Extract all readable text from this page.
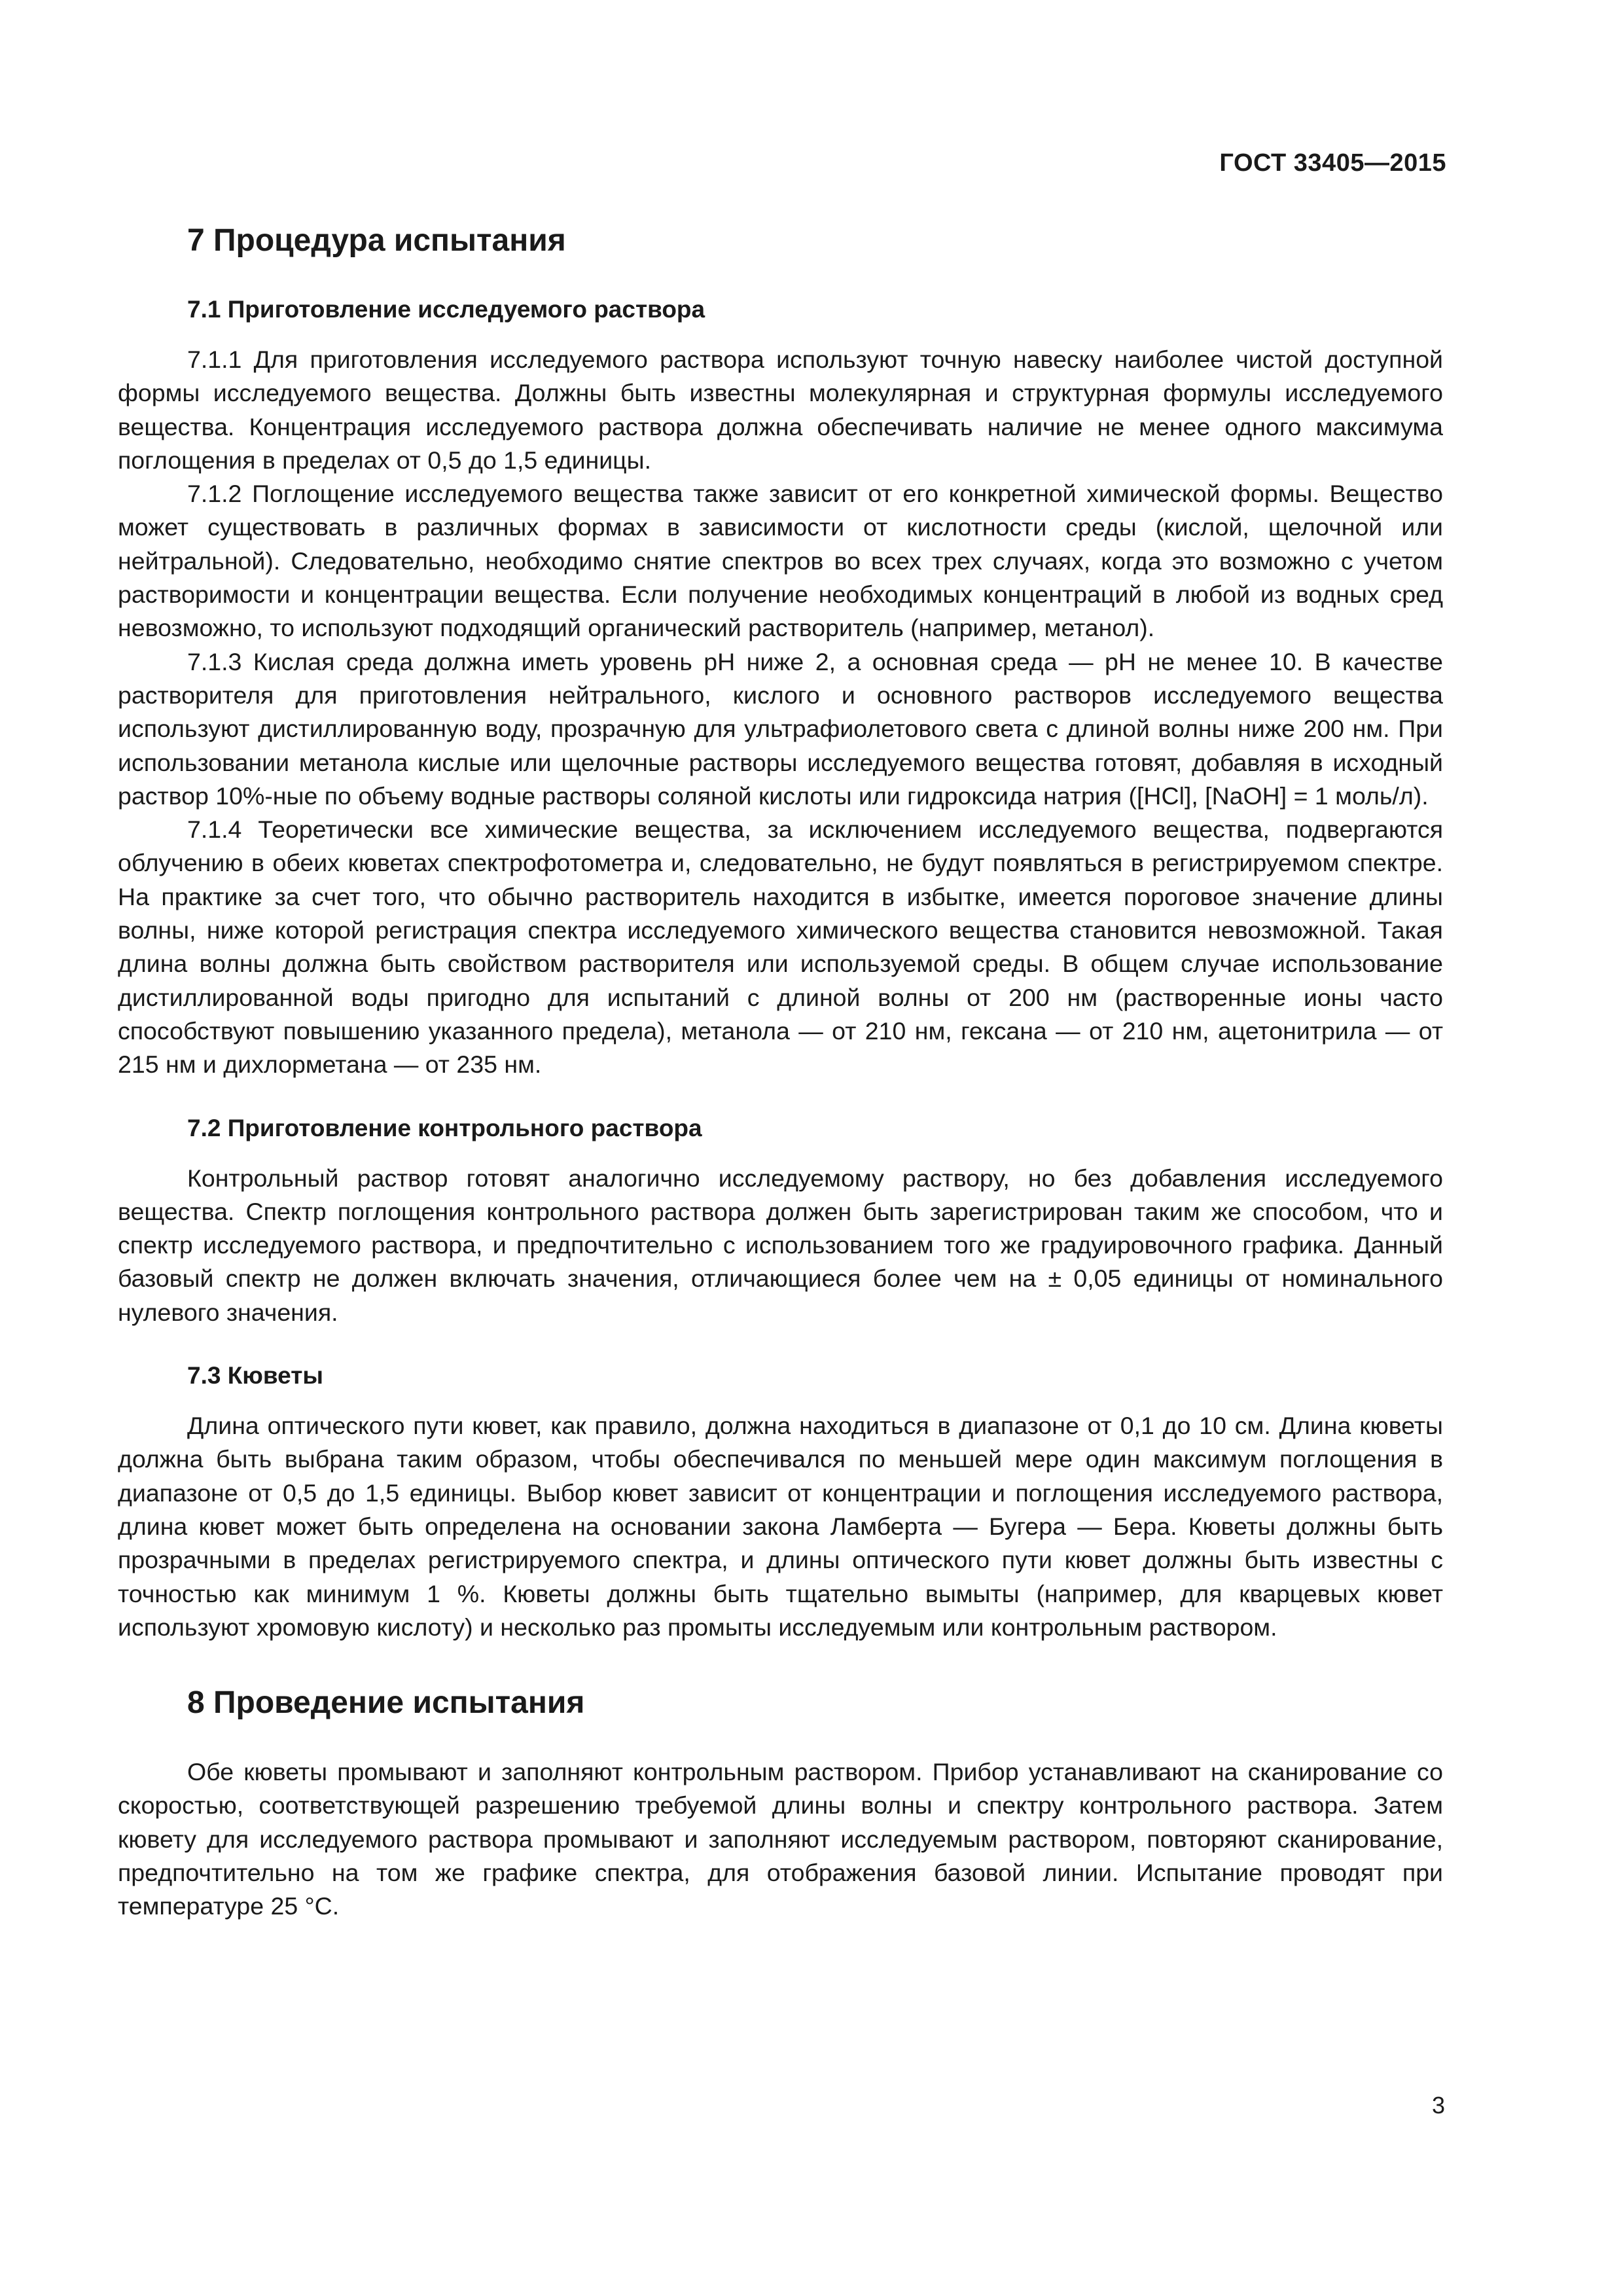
ГОСТ 33405—2015
7 Процедура испытания
7.1 Приготовление исследуемого раствора

7.1.1 Для приготовления исследуемого раствора используют точную навеску наиболее чистой доступной формы исследуемого вещества. Должны быть известны молекулярная и структурная формулы исследуемого вещества. Концентрация исследуемого раствора должна обеспечивать наличие не менее одного максимума поглощения в пределах от 0,5 до 1,5 единицы.

7.1.2 Поглощение исследуемого вещества также зависит от его конкретной химической формы. Вещество может существовать в различных формах в зависимости от кислотности среды (кислой, щелочной или нейтральной). Следовательно, необходимо снятие спектров во всех трех случаях, когда это возможно с учетом растворимости и концентрации вещества. Если получение необходимых концентраций в любой из водных сред невозможно, то используют подходящий органический растворитель (например, метанол).

7.1.3 Кислая среда должна иметь уровень pH ниже 2, а основная среда — pH не менее 10. В качестве растворителя для приготовления нейтрального, кислого и основного растворов исследуемого вещества используют дистиллированную воду, прозрачную для ультрафиолетового света с длиной волны ниже 200 нм. При использовании метанола кислые или щелочные растворы исследуемого вещества готовят, добавляя в исходный раствор 10%-ные по объему водные растворы соляной кислоты или гидроксида натрия ([HCl], [NaOH] = 1 моль/л).

7.1.4 Теоретически все химические вещества, за исключением исследуемого вещества, подвергаются облучению в обеих кюветах спектрофотометра и, следовательно, не будут появляться в регистрируемом спектре. На практике за счет того, что обычно растворитель находится в избытке, имеется пороговое значение длины волны, ниже которой регистрация спектра исследуемого химического вещества становится невозможной. Такая длина волны должна быть свойством растворителя или используемой среды. В общем случае использование дистиллированной воды пригодно для испытаний с длиной волны от 200 нм (растворенные ионы часто способствуют повышению указанного предела), метанола — от 210 нм, гексана — от 210 нм, ацетонитрила — от 215 нм и дихлорметана — от 235 нм.

7.2 Приготовление контрольного раствора

Контрольный раствор готовят аналогично исследуемому раствору, но без добавления исследуемого вещества. Спектр поглощения контрольного раствора должен быть зарегистрирован таким же способом, что и спектр исследуемого раствора, и предпочтительно с использованием того же градуировочного графика. Данный базовый спектр не должен включать значения, отличающиеся более чем на ± 0,05 единицы от номинального нулевого значения.

7.3 Кюветы

Длина оптического пути кювет, как правило, должна находиться в диапазоне от 0,1 до 10 см. Длина кюветы должна быть выбрана таким образом, чтобы обеспечивался по меньшей мере один максимум поглощения в диапазоне от 0,5 до 1,5 единицы. Выбор кювет зависит от концентрации и поглощения исследуемого раствора, длина кювет может быть определена на основании закона Ламберта — Бугера — Бера. Кюветы должны быть прозрачными в пределах регистрируемого спектра, и длины оптического пути кювет должны быть известны с точностью как минимум 1 %. Кюветы должны быть тщательно вымыты (например, для кварцевых кювет используют хромовую кислоту) и несколько раз промыты исследуемым или контрольным раствором.

8 Проведение испытания

Обе кюветы промывают и заполняют контрольным раствором. Прибор устанавливают на сканирование со скоростью, соответствующей разрешению требуемой длины волны и спектру контрольного раствора. Затем кювету для исследуемого раствора промывают и заполняют исследуемым раствором, повторяют сканирование, предпочтительно на том же графике спектра, для отображения базовой линии. Испытание проводят при температуре 25 °С.

3
